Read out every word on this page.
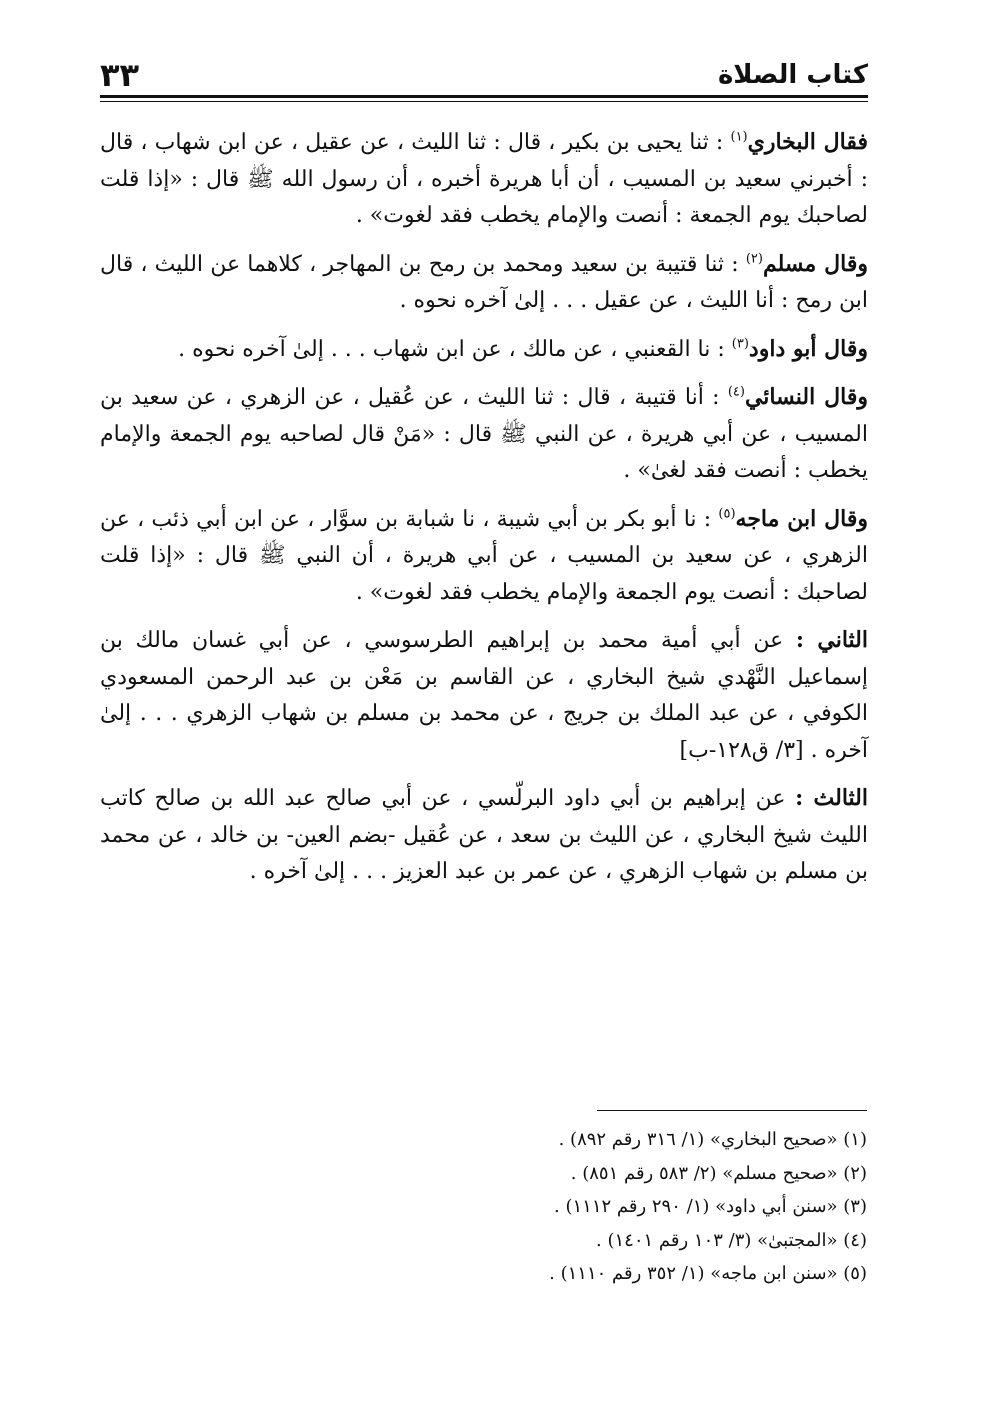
كتاب الصلاة
٣٣

فقال البخاري$^{(١)}$ : ثنا يحيى بن بكير ، قال : ثنا الليث ، عن عقيل ، عن ابن شهاب ، قال : أخبرني سعيد بن المسيب ، أن أبا هريرة أخبره ، أن رسول الله ﷺ قال : «إذا قلت لصاحبك يوم الجمعة : أنصت والإمام يخطب فقد لغوت» .

وقال مسلم$^{(٢)}$ : ثنا قتيبة بن سعيد ومحمد بن رمح بن المهاجر ، كلاهما عن الليث ، قال ابن رمح : أنا الليث ، عن عقيل . . . إلىٰ آخره نحوه .

وقال أبو داود$^{(٣)}$ : نا القعنبي ، عن مالك ، عن ابن شهاب . . . إلىٰ آخره نحوه .

وقال النسائي$^{(٤)}$ : أنا قتيبة ، قال : ثنا الليث ، عن عُقيل ، عن الزهري ، عن سعيد بن المسيب ، عن أبي هريرة ، عن النبي ﷺ قال : «مَنْ قال لصاحبه يوم الجمعة والإمام يخطب : أنصت فقد لغىٰ» .

وقال ابن ماجه$^{(٥)}$ : نا أبو بكر بن أبي شيبة ، نا شبابة بن سوَّار ، عن ابن أبي ذئب ، عن الزهري ، عن سعيد بن المسيب ، عن أبي هريرة ، أن النبي ﷺ قال : «إذا قلت لصاحبك : أنصت يوم الجمعة والإمام يخطب فقد لغوت» .

الثاني : عن أبي أمية محمد بن إبراهيم الطرسوسي ، عن أبي غسان مالك بن إسماعيل النَّهْدي شيخ البخاري ، عن القاسم بن مَعْن بن عبد الرحمن المسعودي الكوفي ، عن عبد الملك بن جريج ، عن محمد بن مسلم بن شهاب الزهري . . . إلىٰ آخره . [٣/ ق١٢٨-ب]

الثالث : عن إبراهيم بن أبي داود البرلّسي ، عن أبي صالح عبد الله بن صالح كاتب الليث شيخ البخاري ، عن الليث بن سعد ، عن عُقيل -بضم العين- بن خالد ، عن محمد بن مسلم بن شهاب الزهري ، عن عمر بن عبد العزيز . . . إلىٰ آخره .

(١) «صحيح البخاري» (١/ ٣١٦ رقم ٨٩٢) .

(٢) «صحيح مسلم» (٢/ ٥٨٣ رقم ٨٥١) .

(٣) «سنن أبي داود» (١/ ٢٩٠ رقم ١١١٢) .

(٤) «المجتبىٰ» (٣/ ١٠٣ رقم ١٤٠١) .

(٥) «سنن ابن ماجه» (١/ ٣٥٢ رقم ١١١٠) .
